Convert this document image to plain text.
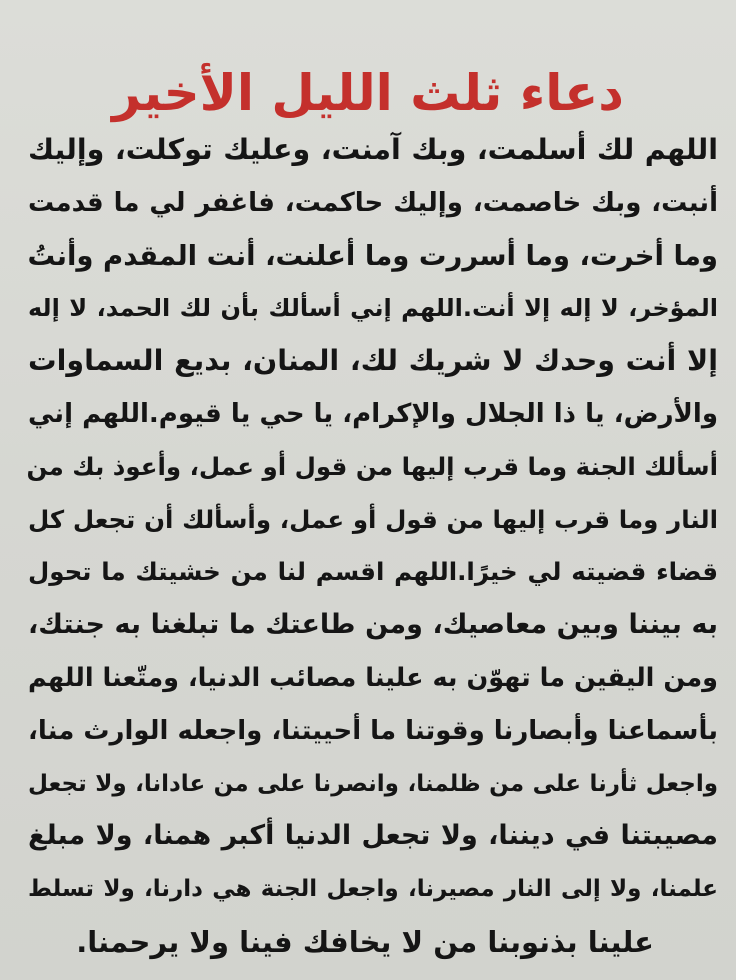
دعاء ثلث الليل الأخير
اللهم لك أسلمت، وبك آمنت، وعليك توكلت، وإليك
أنبت، وبك خاصمت، وإليك حاكمت، فاغفر لي ما قدمت
وما أخرت، وما أسررت وما أعلنت، أنت المقدم وأنتُ
المؤخر، لا إله إلا أنت.اللهم إني أسألك بأن لك الحمد، لا إله
إلا أنت وحدك لا شريك لك، المنان، بديع السماوات
والأرض، يا ذا الجلال والإكرام، يا حي يا قيوم.اللهم إني
أسألك الجنة وما قرب إليها من قول أو عمل، وأعوذ بك من
النار وما قرب إليها من قول أو عمل، وأسألك أن تجعل كل
قضاء قضيته لي خيرًا.اللهم اقسم لنا من خشيتك ما تحول
به بيننا وبين معاصيك، ومن طاعتك ما تبلغنا به جنتك،
ومن اليقين ما تهوّن به علينا مصائب الدنيا، ومتّعنا اللهم
بأسماعنا وأبصارنا وقوتنا ما أحييتنا، واجعله الوارث منا،
واجعل ثأرنا على من ظلمنا، وانصرنا على من عادانا، ولا تجعل
مصيبتنا في ديننا، ولا تجعل الدنيا أكبر همنا، ولا مبلغ
علمنا، ولا إلى النار مصيرنا، واجعل الجنة هي دارنا، ولا تسلط
علينا بذنوبنا من لا يخافك فينا ولا يرحمنا.
